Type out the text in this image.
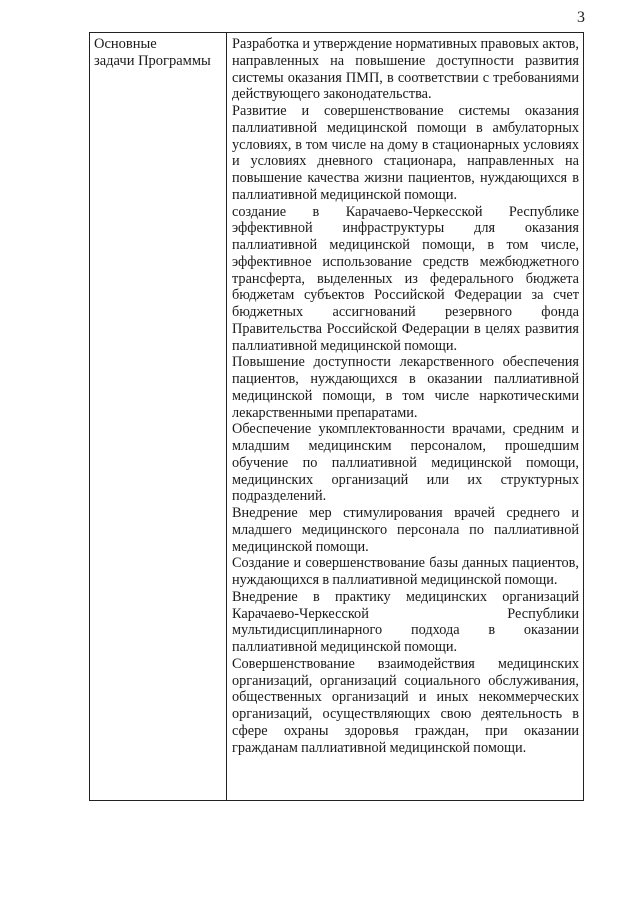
3
Основные
задачи Программы

Разработка и утверждение нормативных правовых актов, направленных на повышение доступности развития системы оказания ПМП, в соответствии с требованиями действующего законодательства.
Развитие и совершенствование системы оказания паллиативной медицинской помощи в амбулаторных условиях, в том числе на дому в стационарных условиях и условиях дневного стационара, направленных на повышение качества жизни пациентов, нуждающихся в паллиативной медицинской помощи.
создание в Карачаево-Черкесской Республике эффективной инфраструктуры для оказания паллиативной медицинской помощи, в том числе, эффективное использование средств межбюджетного трансферта, выделенных из федерального бюджета бюджетам субъектов Российской Федерации за счет бюджетных ассигнований резервного фонда Правительства Российской Федерации в целях развития паллиативной медицинской помощи.
Повышение доступности лекарственного обеспечения пациентов, нуждающихся в оказании паллиативной медицинской помощи, в том числе наркотическими лекарственными препаратами.
Обеспечение укомплектованности врачами, средним и младшим медицинским персоналом, прошедшим обучение по паллиативной медицинской помощи, медицинских организаций или их структурных подразделений.
Внедрение мер стимулирования врачей среднего и младшего медицинского персонала по паллиативной медицинской помощи.
Создание и совершенствование базы данных пациентов, нуждающихся в паллиативной медицинской помощи.
Внедрение в практику медицинских организаций Карачаево-Черкесской Республики мультидисциплинарного подхода в оказании паллиативной медицинской помощи.
Совершенствование взаимодействия медицинских организаций, организаций социального обслуживания, общественных организаций и иных некоммерческих организаций, осуществляющих свою деятельность в сфере охраны здоровья граждан, при оказании гражданам паллиативной медицинской помощи.
